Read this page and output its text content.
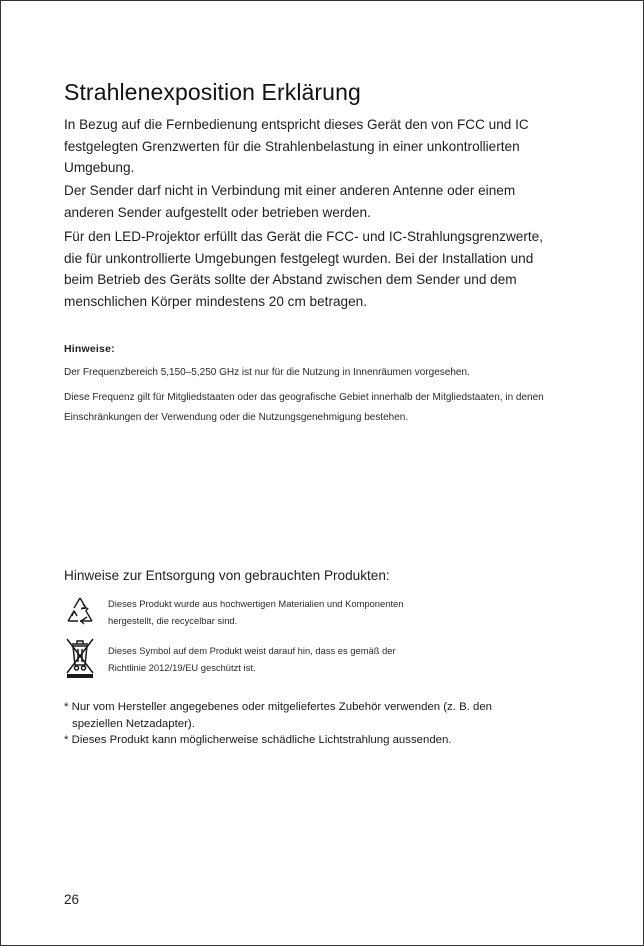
Strahlenexposition Erklärung

In Bezug auf die Fernbedienung entspricht dieses Gerät den von FCC und IC festgelegten Grenzwerten für die Strahlenbelastung in einer unkontrollierten Umgebung.

Der Sender darf nicht in Verbindung mit einer anderen Antenne oder einem anderen Sender aufgestellt oder betrieben werden.

Für den LED-Projektor erfüllt das Gerät die FCC- und IC-Strahlungsgrenzwerte, die für unkontrollierte Umgebungen festgelegt wurden. Bei der Installation und beim Betrieb des Geräts sollte der Abstand zwischen dem Sender und dem menschlichen Körper mindestens 20 cm betragen.

Hinweise:

Der Frequenzbereich 5,150–5,250 GHz ist nur für die Nutzung in Innenräumen vorgesehen.

Diese Frequenz gilt für Mitgliedstaaten oder das geografische Gebiet innerhalb der Mitgliedstaaten, in denen Einschränkungen der Verwendung oder die Nutzungsgenehmigung bestehen.

Hinweise zur Entsorgung von gebrauchten Produkten:

Dieses Produkt wurde aus hochwertigen Materialien und Komponenten hergestellt, die recycelbar sind.

Dieses Symbol auf dem Produkt weist darauf hin, dass es gemäß der Richtlinie 2012/19/EU geschützt ist.

* Nur vom Hersteller angegebenes oder mitgeliefertes Zubehör verwenden (z. B. den speziellen Netzadapter).

* Dieses Produkt kann möglicherweise schädliche Lichtstrahlung aussenden.

26
